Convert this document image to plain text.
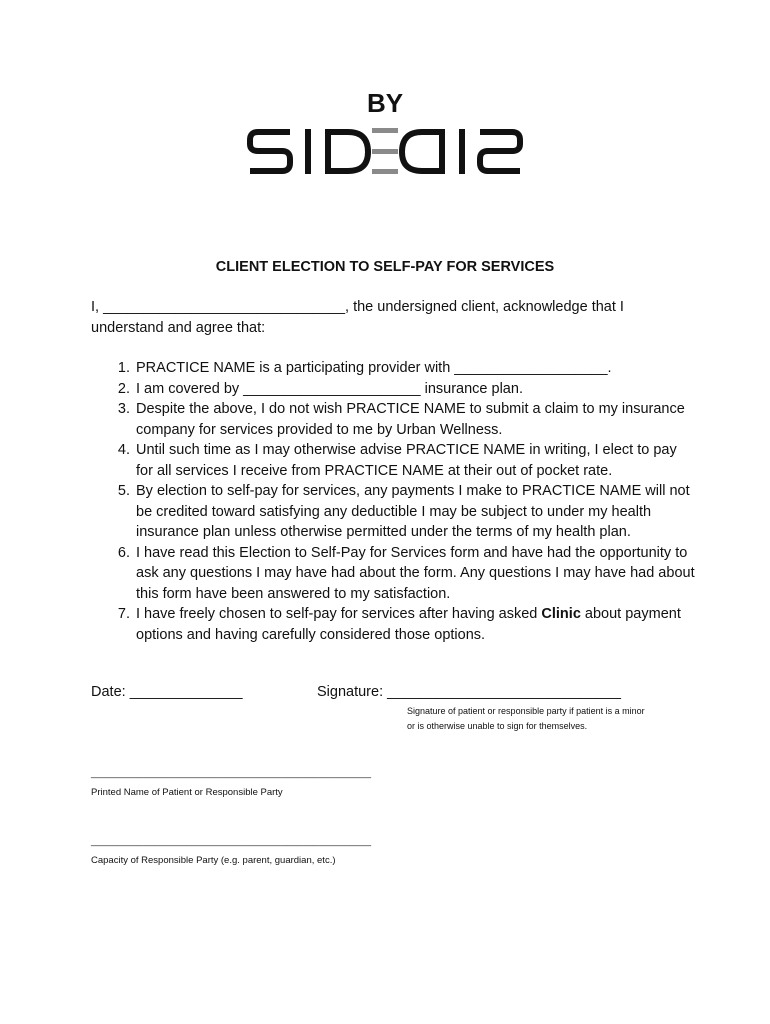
BY
CLIENT ELECTION TO SELF-PAY FOR SERVICES
I, ______________________________, the undersigned client, acknowledge that I understand and agree that:
1. PRACTICE NAME is a participating provider with ___________________.
2. I am covered by ______________________ insurance plan.
3. Despite the above, I do not wish PRACTICE NAME to submit a claim to my insurance company for services provided to me by Urban Wellness.
4. Until such time as I may otherwise advise PRACTICE NAME in writing, I elect to pay for all services I receive from PRACTICE NAME at their out of pocket rate.
5. By election to self-pay for services, any payments I make to PRACTICE NAME will not be credited toward satisfying any deductible I may be subject to under my health insurance plan unless otherwise permitted under the terms of my health plan.
6. I have read this Election to Self-Pay for Services form and have had the opportunity to ask any questions I may have had about the form. Any questions I may have had about this form have been answered to my satisfaction.
7. I have freely chosen to self-pay for services after having asked Clinic about payment options and having carefully considered those options.
Date: ______________	Signature: _____________________________
Signature of patient or responsible party if patient is a minor
or is otherwise unable to sign for themselves.
_____________________________________________________
Printed Name of Patient or Responsible Party
_____________________________________________________
Capacity of Responsible Party (e.g. parent, guardian, etc.)
